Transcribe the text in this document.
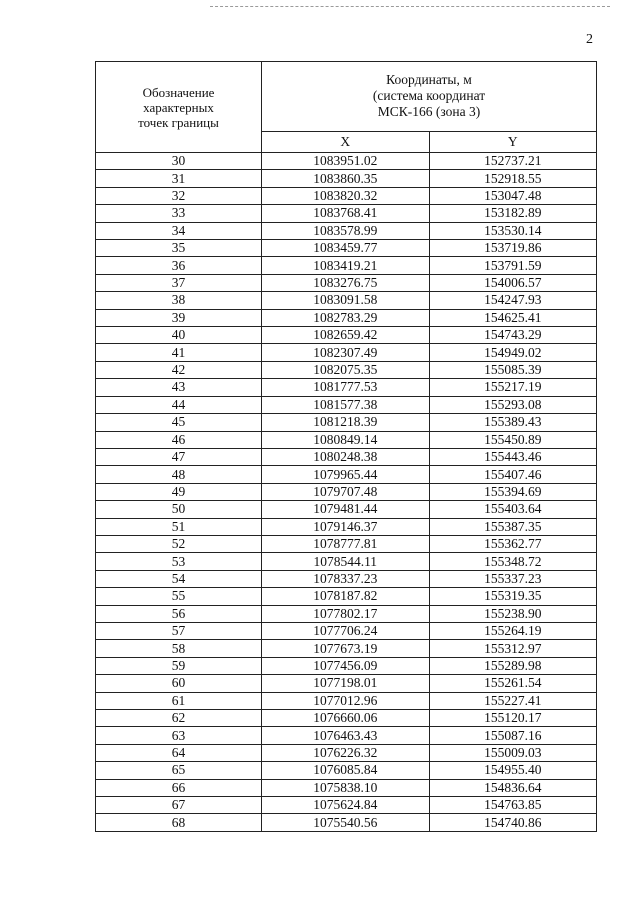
2
Обозначение
характерных
точек границы	Координаты, м
(система координат
МСК-166 (зона 3)	

	X	Y
30	1083951.02	152737.21
31	1083860.35	152918.55
32	1083820.32	153047.48
33	1083768.41	153182.89
34	1083578.99	153530.14
35	1083459.77	153719.86
36	1083419.21	153791.59
37	1083276.75	154006.57
38	1083091.58	154247.93
39	1082783.29	154625.41
40	1082659.42	154743.29
41	1082307.49	154949.02
42	1082075.35	155085.39
43	1081777.53	155217.19
44	1081577.38	155293.08
45	1081218.39	155389.43
46	1080849.14	155450.89
47	1080248.38	155443.46
48	1079965.44	155407.46
49	1079707.48	155394.69
50	1079481.44	155403.64
51	1079146.37	155387.35
52	1078777.81	155362.77
53	1078544.11	155348.72
54	1078337.23	155337.23
55	1078187.82	155319.35
56	1077802.17	155238.90
57	1077706.24	155264.19
58	1077673.19	155312.97
59	1077456.09	155289.98
60	1077198.01	155261.54
61	1077012.96	155227.41
62	1076660.06	155120.17
63	1076463.43	155087.16
64	1076226.32	155009.03
65	1076085.84	154955.40
66	1075838.10	154836.64
67	1075624.84	154763.85
68	1075540.56	154740.86
